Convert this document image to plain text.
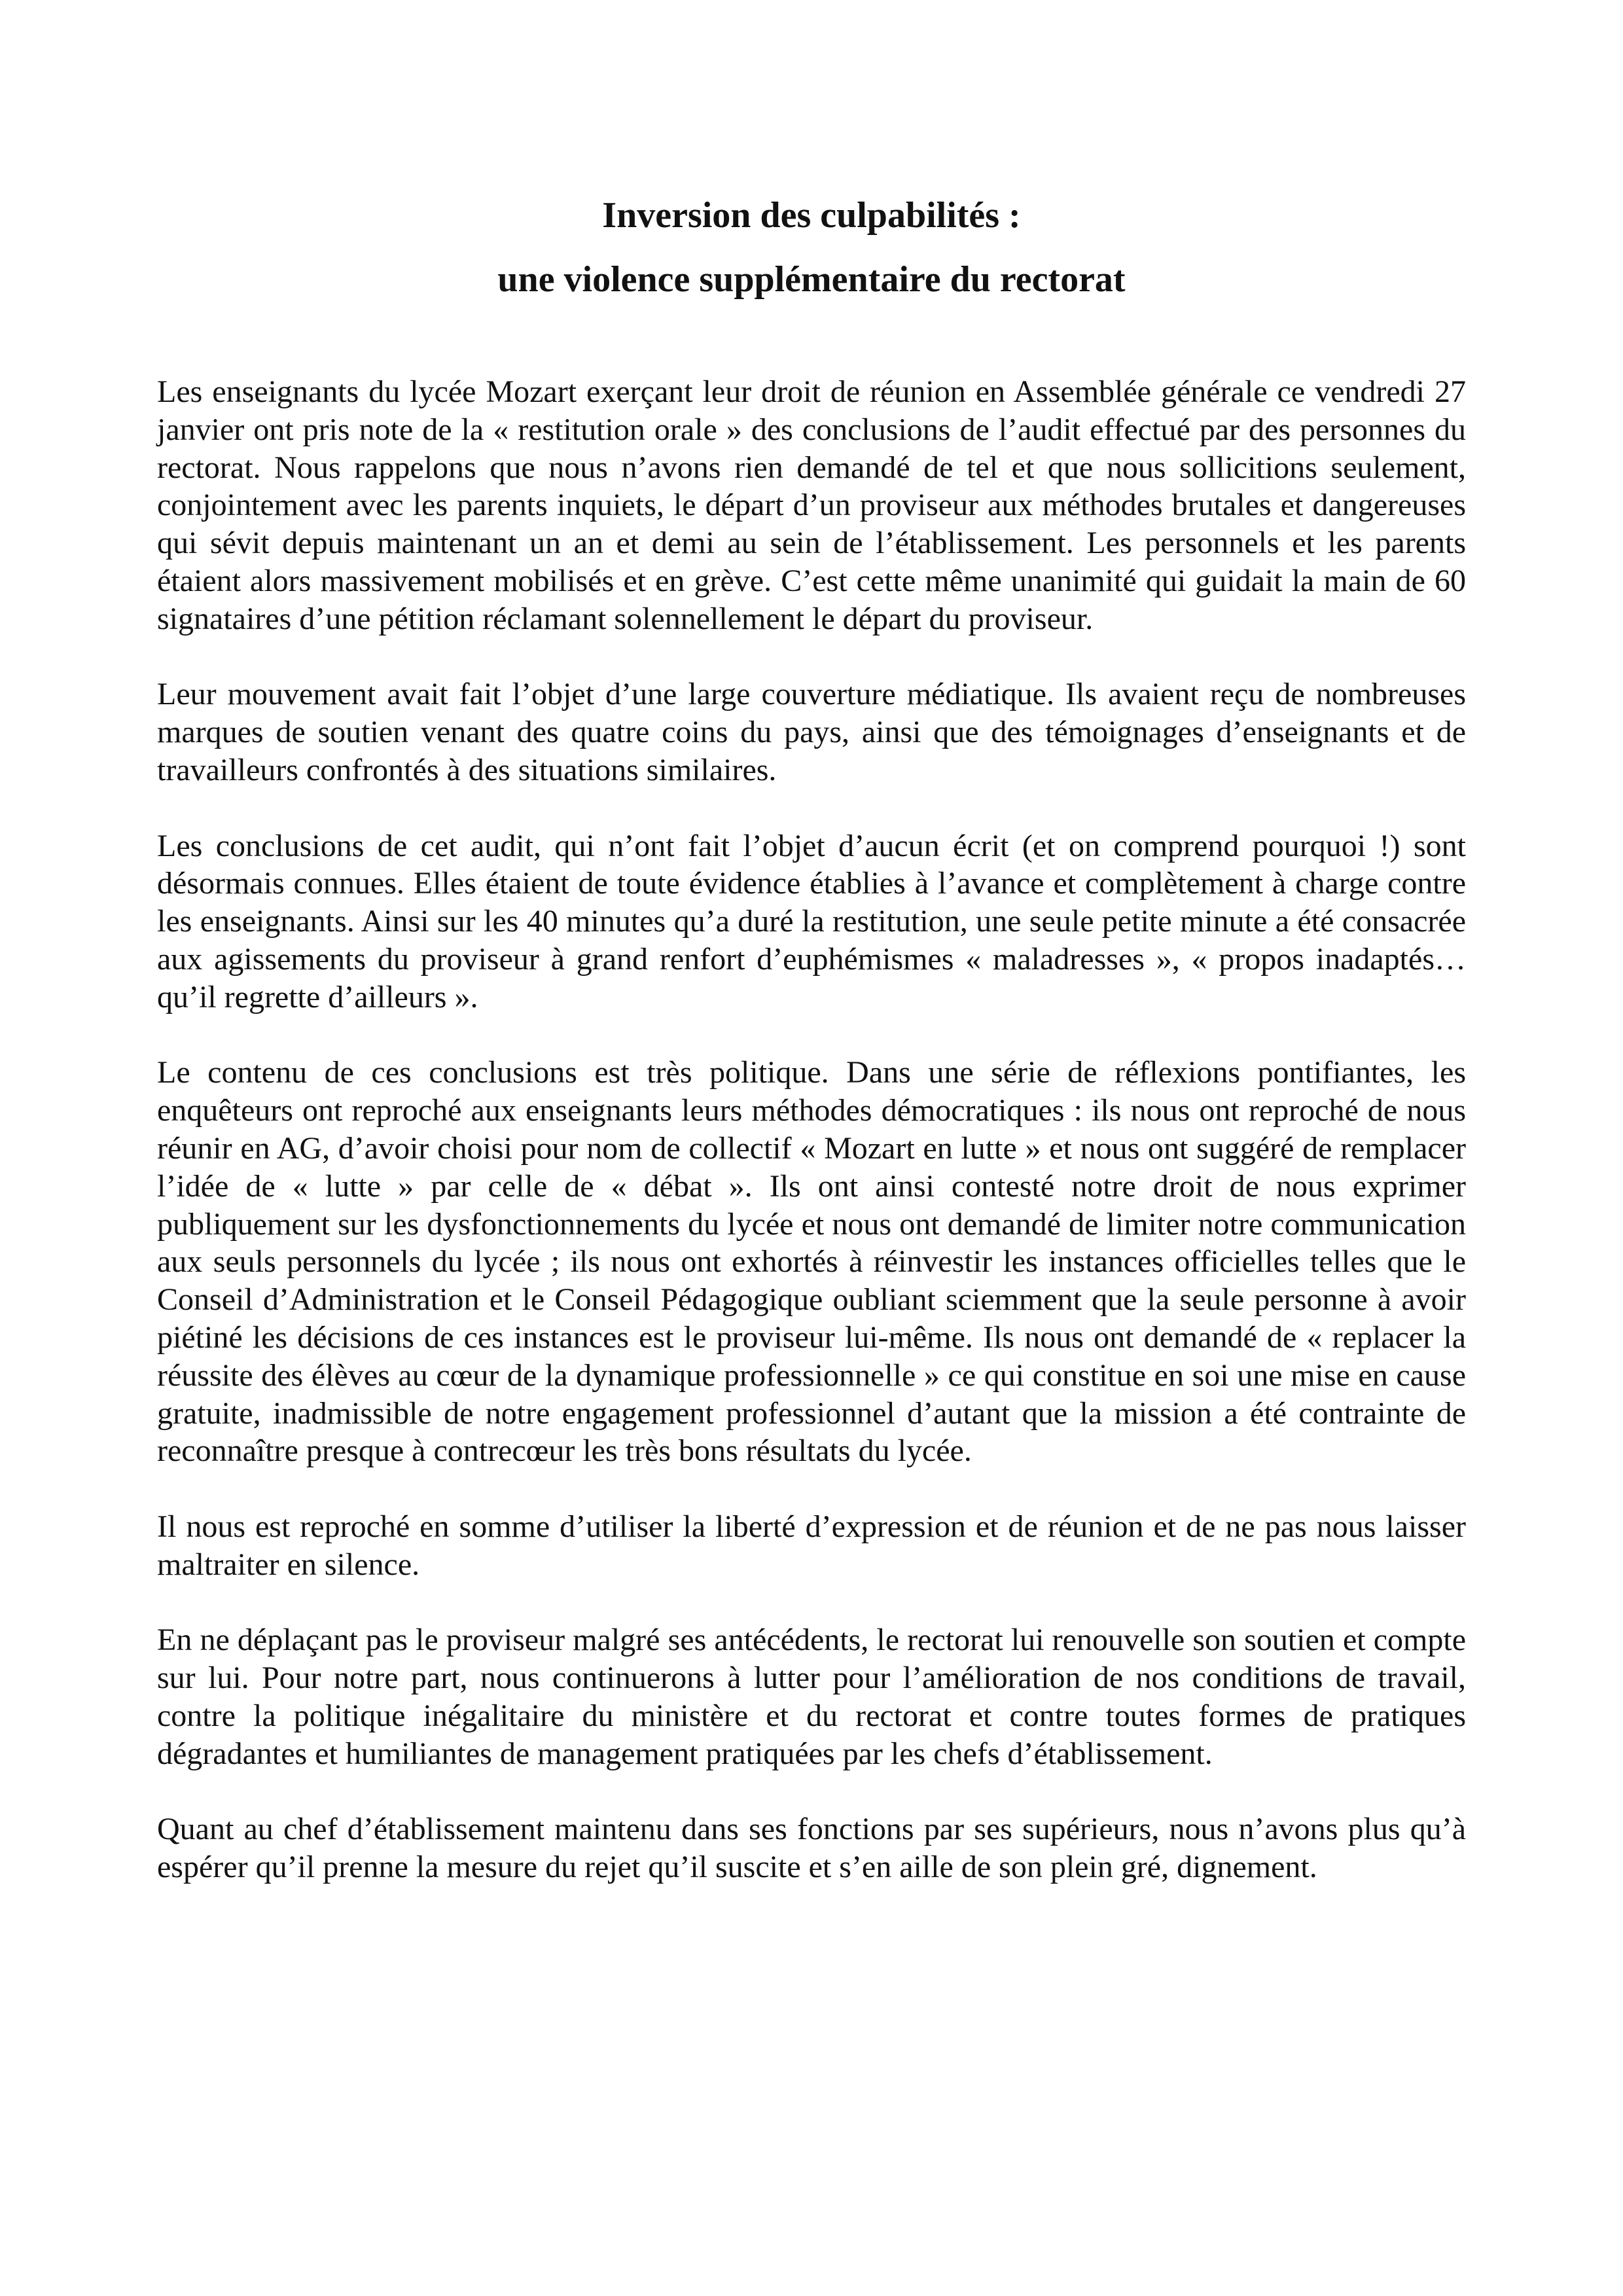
Inversion des culpabilités :

une violence supplémentaire du rectorat

Les enseignants du lycée Mozart exerçant leur droit de réunion en Assemblée générale ce vendredi 27 janvier ont pris note de la « restitution orale » des conclusions de l’audit effectué par des personnes du rectorat. Nous rappelons que nous n’avons rien demandé de tel et que nous sollicitions seulement, conjointement avec les parents inquiets, le départ d’un proviseur aux méthodes brutales et dangereuses qui sévit depuis maintenant un an et demi au sein de l’établissement. Les personnels et les parents étaient alors massivement mobilisés et en grève. C’est cette même unanimité qui guidait la main de 60 signataires d’une pétition réclamant solennellement le départ du proviseur.

Leur mouvement avait fait l’objet d’une large couverture médiatique. Ils avaient reçu de nombreuses marques de soutien venant des quatre coins du pays, ainsi que des témoignages d’enseignants et de travailleurs confrontés à des situations similaires.

Les conclusions de cet audit, qui n’ont fait l’objet d’aucun écrit (et on comprend pourquoi !) sont désormais connues. Elles étaient de toute évidence établies à l’avance et complètement à charge contre les enseignants. Ainsi sur les 40 minutes qu’a duré la restitution, une seule petite minute a été consacrée aux agissements du proviseur à grand renfort d’euphémismes « maladresses », « propos inadaptés… qu’il regrette d’ailleurs ».

Le contenu de ces conclusions est très politique. Dans une série de réflexions pontifiantes, les enquêteurs ont reproché aux enseignants leurs méthodes démocratiques : ils nous ont reproché de nous réunir en AG, d’avoir choisi pour nom de collectif « Mozart en lutte » et nous ont suggéré de remplacer l’idée de « lutte » par celle de « débat ». Ils ont ainsi contesté notre droit de nous exprimer publiquement sur les dysfonctionnements du lycée et nous ont demandé de limiter notre communication aux seuls personnels du lycée ; ils nous ont exhortés à réinvestir les instances officielles telles que le Conseil d’Administration et le Conseil Pédagogique oubliant sciemment que la seule personne à avoir piétiné les décisions de ces instances est le proviseur lui-même. Ils nous ont demandé de « replacer la réussite des élèves au cœur de la dynamique professionnelle » ce qui constitue en soi une mise en cause gratuite, inadmissible de notre engagement professionnel d’autant que la mission a été contrainte de reconnaître presque à contrecœur les très bons résultats du lycée.

Il nous est reproché en somme d’utiliser la liberté d’expression et de réunion et de ne pas nous laisser maltraiter en silence.

En ne déplaçant pas le proviseur malgré ses antécédents, le rectorat lui renouvelle son soutien et compte sur lui. Pour notre part, nous continuerons à lutter pour l’amélioration de nos conditions de travail, contre la politique inégalitaire du ministère et du rectorat et contre toutes formes de pratiques dégradantes et humiliantes de management pratiquées par les chefs d’établissement.

Quant au chef d’établissement maintenu dans ses fonctions par ses supérieurs, nous n’avons plus qu’à espérer qu’il prenne la mesure du rejet qu’il suscite et s’en aille de son plein gré, dignement.
